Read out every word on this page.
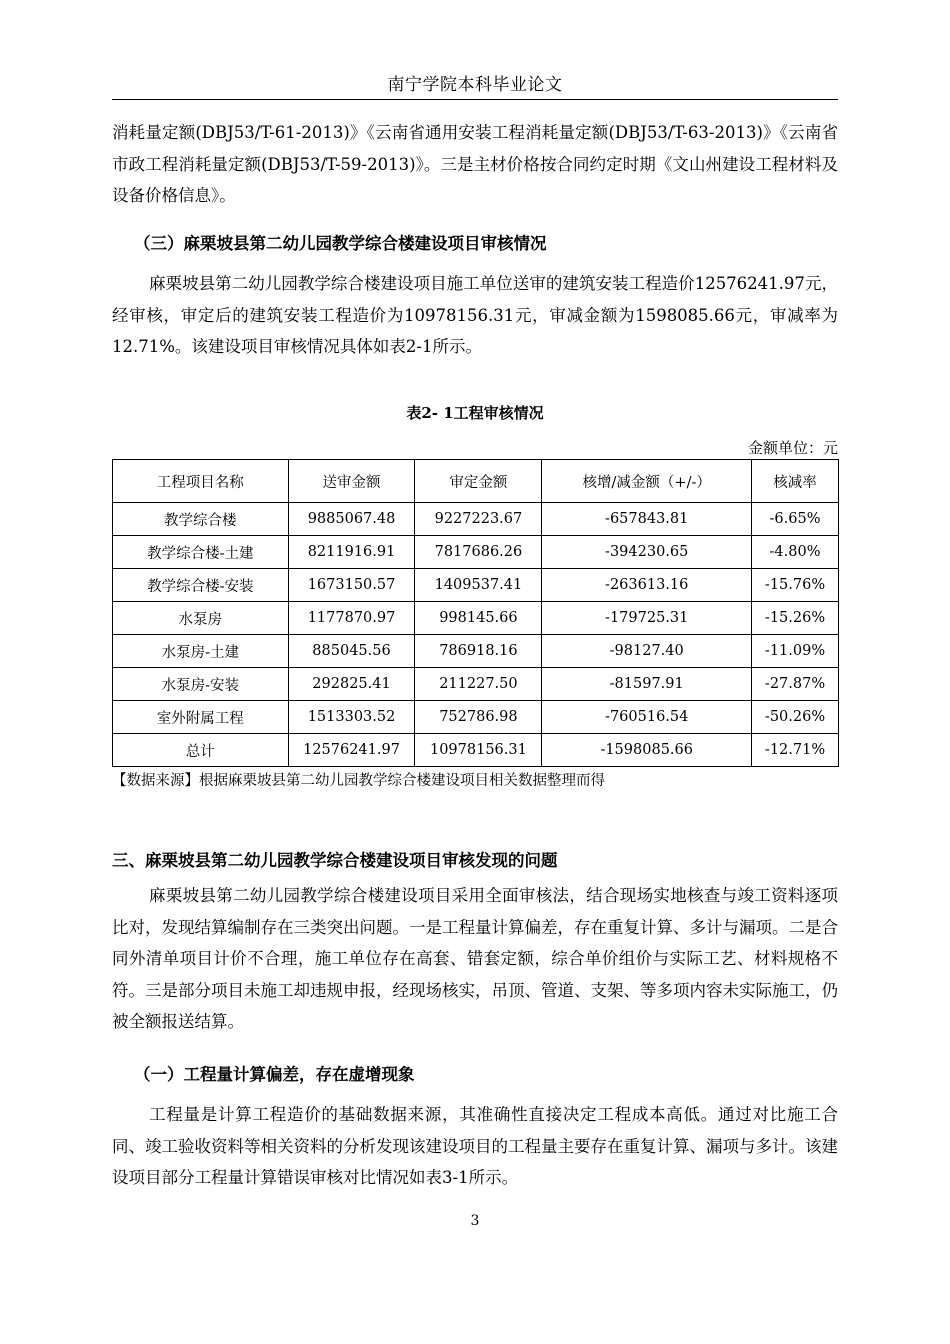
南宁学院本科毕业论文
消耗量定额(DBJ53/T-61-2013)》《云南省通用安装工程消耗量定额(DBJ53/T-63-2013)》《云南省市政工程消耗量定额(DBJ53/T-59-2013)》。三是主材价格按合同约定时期《文山州建设工程材料及设备价格信息》。
（三）麻栗坡县第二幼儿园教学综合楼建设项目审核情况
麻栗坡县第二幼儿园教学综合楼建设项目施工单位送审的建筑安装工程造价12576241.97元，经审核，审定后的建筑安装工程造价为10978156.31元，审减金额为1598085.66元，审减率为12.71%。该建设项目审核情况具体如表2-1所示。
表2- 1工程审核情况
金额单位：元
工程项目名称	送审金额	审定金额	核增/减金额（+/-）	核减率
教学综合楼	9885067.48	9227223.67	-657843.81	-6.65%
教学综合楼-土建	8211916.91	7817686.26	-394230.65	-4.80%
教学综合楼-安装	1673150.57	1409537.41	-263613.16	-15.76%
水泵房	1177870.97	998145.66	-179725.31	-15.26%
水泵房-土建	885045.56	786918.16	-98127.40	-11.09%
水泵房-安装	292825.41	211227.50	-81597.91	-27.87%
室外附属工程	1513303.52	752786.98	-760516.54	-50.26%
总计	12576241.97	10978156.31	-1598085.66	-12.71%
【数据来源】根据麻栗坡县第二幼儿园教学综合楼建设项目相关数据整理而得
三、麻栗坡县第二幼儿园教学综合楼建设项目审核发现的问题
麻栗坡县第二幼儿园教学综合楼建设项目采用全面审核法，结合现场实地核查与竣工资料逐项比对，发现结算编制存在三类突出问题。一是工程量计算偏差，存在重复计算、多计与漏项。二是合同外清单项目计价不合理，施工单位存在高套、错套定额，综合单价组价与实际工艺、材料规格不符。三是部分项目未施工却违规申报，经现场核实，吊顶、管道、支架、等多项内容未实际施工，仍被全额报送结算。
（一）工程量计算偏差，存在虚增现象
工程量是计算工程造价的基础数据来源，其准确性直接决定工程成本高低。通过对比施工合同、竣工验收资料等相关资料的分析发现该建设项目的工程量主要存在重复计算、漏项与多计。该建设项目部分工程量计算错误审核对比情况如表3-1所示。
3
